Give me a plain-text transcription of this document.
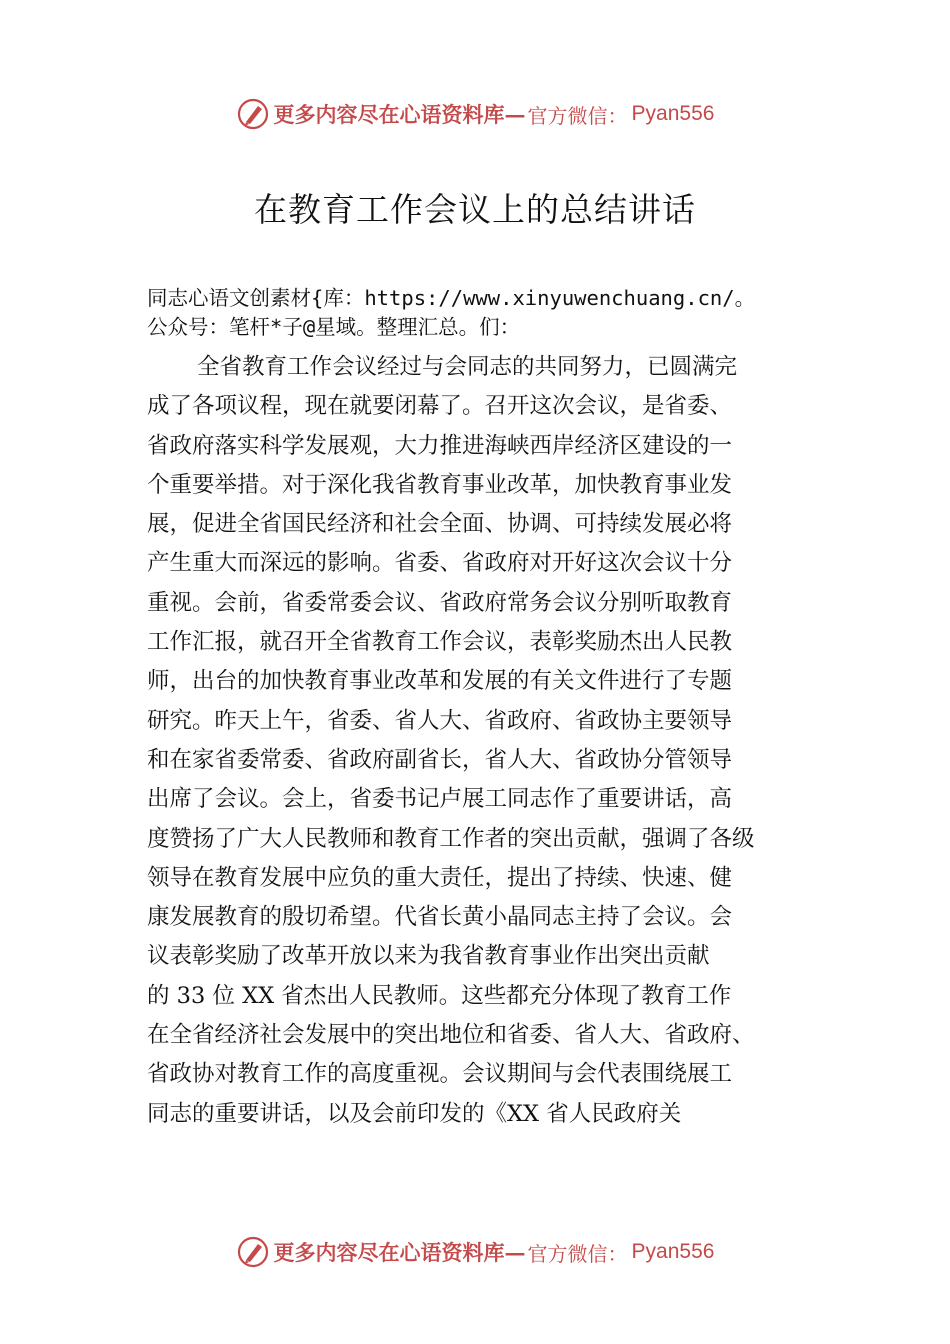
更多内容尽在心语资料库— 官方微信： Pyan556
在教育工作会议上的总结讲话
同志心语文创素材{库：https://www.xinyuwenchuang.cn/。
公众号：笔杆*子@星域。整理汇总。们：
全省教育工作会议经过与会同志的共同努力，已圆满完
成了各项议程，现在就要闭幕了。召开这次会议，是省委、
省政府落实科学发展观，大力推进海峡西岸经济区建设的一
个重要举措。对于深化我省教育事业改革，加快教育事业发
展，促进全省国民经济和社会全面、协调、可持续发展必将
产生重大而深远的影响。省委、省政府对开好这次会议十分
重视。会前，省委常委会议、省政府常务会议分别听取教育
工作汇报，就召开全省教育工作会议，表彰奖励杰出人民教
师，出台的加快教育事业改革和发展的有关文件进行了专题
研究。昨天上午，省委、省人大、省政府、省政协主要领导
和在家省委常委、省政府副省长，省人大、省政协分管领导
出席了会议。会上，省委书记卢展工同志作了重要讲话，高
度赞扬了广大人民教师和教育工作者的突出贡献，强调了各级
领导在教育发展中应负的重大责任，提出了持续、快速、健
康发展教育的殷切希望。代省长黄小晶同志主持了会议。会
议表彰奖励了改革开放以来为我省教育事业作出突出贡献
的 33 位 XX 省杰出人民教师。这些都充分体现了教育工作
在全省经济社会发展中的突出地位和省委、省人大、省政府、
省政协对教育工作的高度重视。会议期间与会代表围绕展工
同志的重要讲话，以及会前印发的《XX 省人民政府关
更多内容尽在心语资料库— 官方微信： Pyan556
